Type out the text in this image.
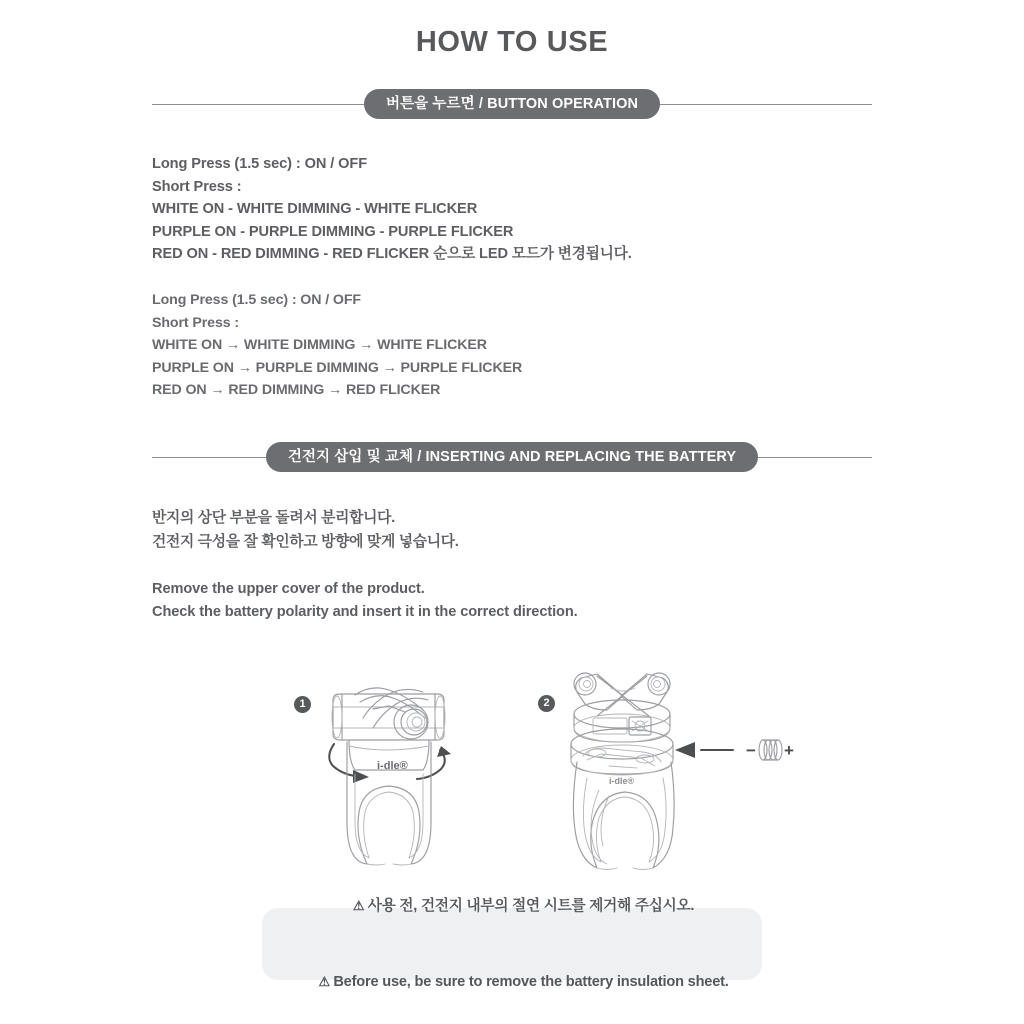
HOW TO USE
버튼을 누르면 / BUTTON OPERATION
Long Press (1.5 sec) : ON / OFF
Short Press :
WHITE ON - WHITE DIMMING - WHITE FLICKER
PURPLE ON - PURPLE DIMMING - PURPLE FLICKER
RED ON - RED DIMMING - RED FLICKER 순으로 LED 모드가 변경됩니다.
Long Press (1.5 sec) : ON / OFF
Short Press :
WHITE ON → WHITE DIMMING → WHITE FLICKER
PURPLE ON → PURPLE DIMMING → PURPLE FLICKER
RED ON → RED DIMMING → RED FLICKER
건전지 삽입 및 교체 / INSERTING AND REPLACING THE BATTERY
반지의 상단 부분을 돌려서 분리합니다.
건전지 극성을 잘 확인하고 방향에 맞게 넣습니다.
Remove the upper cover of the product.
Check the battery polarity and insert it in the correct direction.
1
i-dle®
2
i-dle®
− +

⚠ 사용 전, 건전지 내부의 절연 시트를 제거해 주십시오.

⚠ Before use, be sure to remove the battery insulation sheet.
